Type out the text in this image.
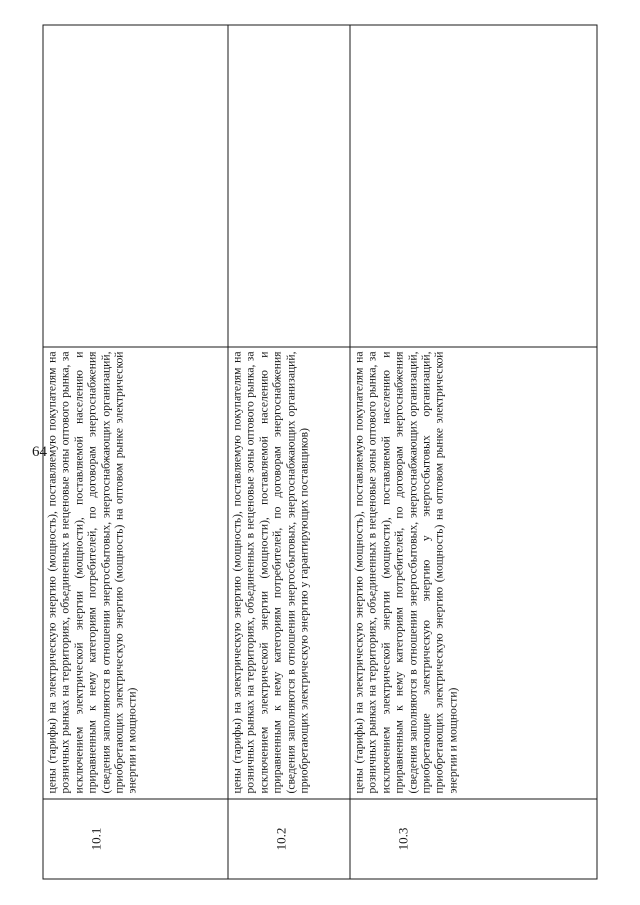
64
10.1	цены (тарифы) на электрическую энергию (мощность), поставляемую покупателям на розничных рынках на территориях, объединенных в неценовые зоны оптового рынка, за исключением электрической энергии (мощности), поставляемой населению и приравненным к нему категориям потребителей, по договорам энергоснабжения (сведения заполняются в отношении энергосбытовых, энергоснабжающих организаций, приобретающих электрическую энергию (мощность) на оптовом рынке электрической энергии и мощности)	

10.2	цены (тарифы) на электрическую энергию (мощность), поставляемую покупателям на розничных рынках на территориях, объединенных в неценовые зоны оптового рынка, за исключением электрической энергии (мощности), поставляемой населению и приравненным к нему категориям потребителей, по договорам энергоснабжения (сведения заполняются в отношении энергосбытовых, энергоснабжающих организаций, приобретающих электрическую энергию у гарантирующих поставщиков)	

10.3	цены (тарифы) на электрическую энергию (мощность), поставляемую покупателям на розничных рынках на территориях, объединенных в неценовые зоны оптового рынка, за исключением электрической энергии (мощности), поставляемой населению и приравненным к нему категориям потребителей, по договорам энергоснабжения (сведения заполняются в отношении энергосбытовых, энергоснабжающих организаций, приобретающие электрическую энергию у энергосбытовых организаций, приобретающих электрическую энергию (мощность) на оптовом рынке электрической энергии и мощности)	
